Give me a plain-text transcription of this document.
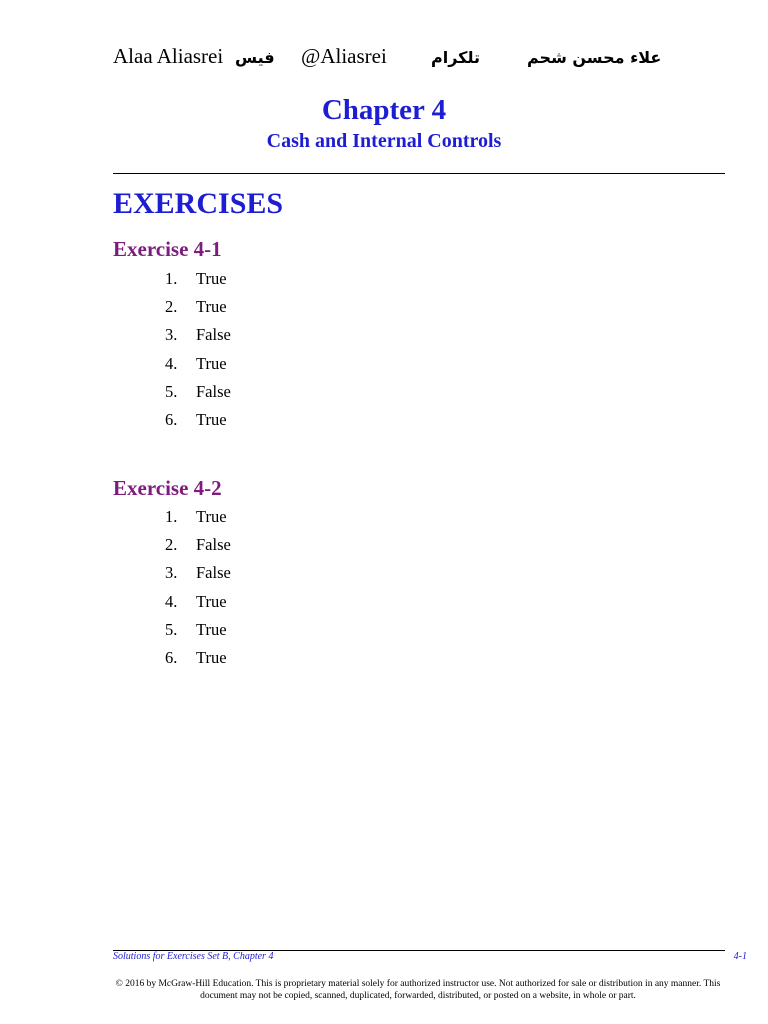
Alaa Aliasrei فيس @Aliasrei	تلكرام	علاء محسن شحم
Chapter 4
Cash and Internal Controls
EXERCISES
Exercise 4-1
1. True
2. True
3. False
4. True
5. False
6. True
Exercise 4-2
1. True
2. False
3. False
4. True
5. True
6. True
Solutions for Exercises Set B, Chapter 4	4-1
© 2016 by McGraw-Hill Education. This is proprietary material solely for authorized instructor use. Not authorized for sale or distribution in any manner. This document may not be copied, scanned, duplicated, forwarded, distributed, or posted on a website, in whole or part.
